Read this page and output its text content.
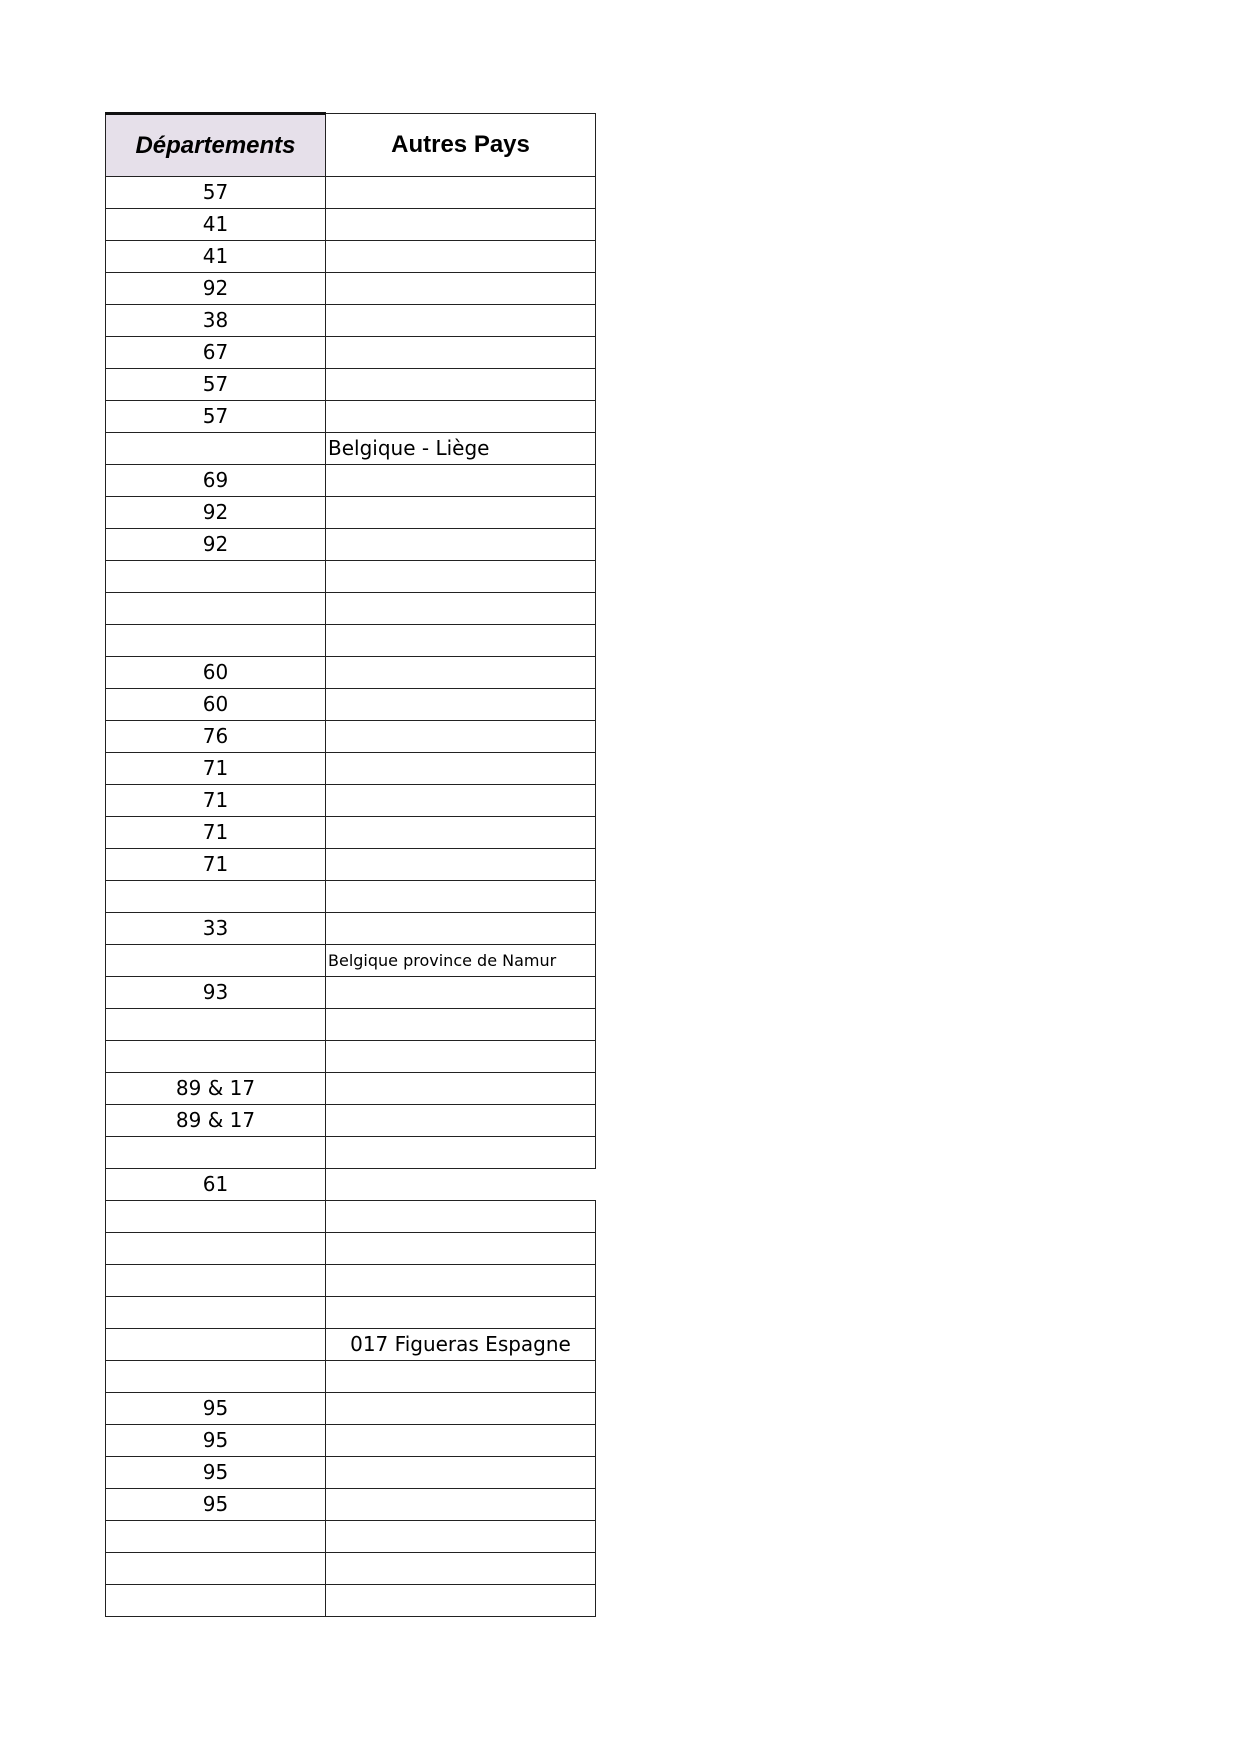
Départements	Autres Pays
57	
41	
41	
92	
38	
67	
57	
57	
	Belgique - Liège
69	
92	
92	

60	
60	
76	
71	
71	
71	
71	

33	
	Belgique province de Namur
93	

89 & 17	
89 & 17	

61	

	017 Figueras Espagne

95	
95	
95	
95	
